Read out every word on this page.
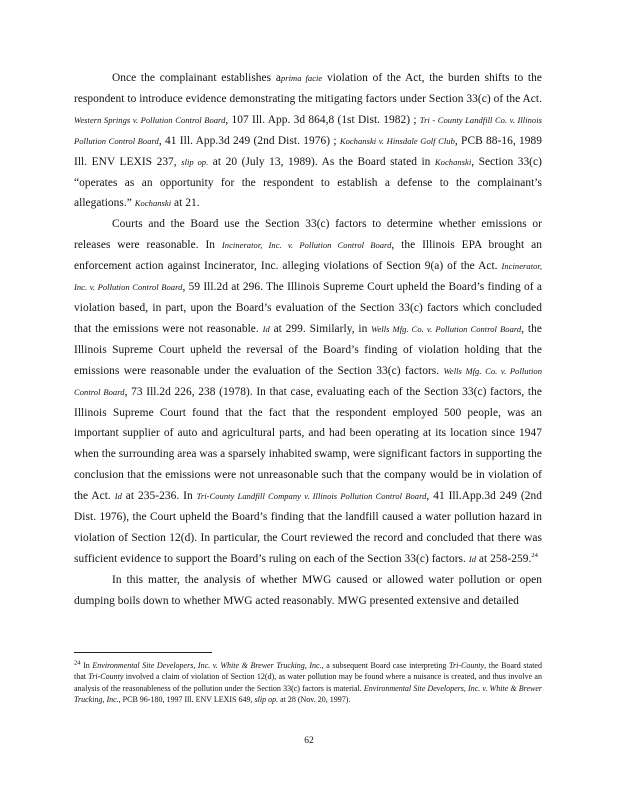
Once the complainant establishes aprima facie violation of the Act, the burden shifts to the respondent to introduce evidence demonstrating the mitigating factors under Section 33(c) of the Act. Western Springs v. Pollution Control Board, 107 Ill. App. 3d 864,8 (1st Dist. 1982) ; Tri - County Landfill Co. v. Illinois Pollution Control Board, 41 Ill. App.3d 249 (2nd Dist. 1976) ; Kochanski v. Hinsdale Golf Club, PCB 88-16, 1989 Ill. ENV LEXIS 237, slip op. at 20 (July 13, 1989). As the Board stated in Kochanski, Section 33(c) “operates as an opportunity for the respondent to establish a defense to the complainant’s allegations.” Kochanski at 21.

Courts and the Board use the Section 33(c) factors to determine whether emissions or releases were reasonable. In Incinerator, Inc. v. Pollution Control Board, the Illinois EPA brought an enforcement action against Incinerator, Inc. alleging violations of Section 9(a) of the Act. Incinerator, Inc. v. Pollution Control Board, 59 Ill.2d at 296. The Illinois Supreme Court upheld the Board’s finding of a violation based, in part, upon the Board’s evaluation of the Section 33(c) factors which concluded that the emissions were not reasonable. Id at 299. Similarly, in Wells Mfg. Co. v. Pollution Control Board, the Illinois Supreme Court upheld the reversal of the Board’s finding of violation holding that the emissions were reasonable under the evaluation of the Section 33(c) factors. Wells Mfg. Co. v. Pollution Control Board, 73 Ill.2d 226, 238 (1978). In that case, evaluating each of the Section 33(c) factors, the Illinois Supreme Court found that the fact that the respondent employed 500 people, was an important supplier of auto and agricultural parts, and had been operating at its location since 1947 when the surrounding area was a sparsely inhabited swamp, were significant factors in supporting the conclusion that the emissions were not unreasonable such that the company would be in violation of the Act. Id at 235-236. In Tri-County Landfill Company v. Illinois Pollution Control Board, 41 Ill.App.3d 249 (2nd Dist. 1976), the Court upheld the Board’s finding that the landfill caused a water pollution hazard in violation of Section 12(d). In particular, the Court reviewed the record and concluded that there was sufficient evidence to support the Board’s ruling on each of the Section 33(c) factors. Id at 258-259.24

In this matter, the analysis of whether MWG caused or allowed water pollution or open dumping boils down to whether MWG acted reasonably. MWG presented extensive and detailed

$^{24}$ In Environmental Site Developers, Inc. v. White & Brewer Trucking, Inc., a subsequent Board case interpreting Tri-County, the Board stated that Tri-County involved a claim of violation of Section 12(d), as water pollution may be found where a nuisance is created, and thus involve an analysis of the reasonableness of the pollution under the Section 33(c) factors is material. Environmental Site Developers, Inc. v. White & Brewer Trucking, Inc., PCB 96-180, 1997 Ill. ENV LEXIS 649, slip op. at 28 (Nov. 20, 1997).
62
